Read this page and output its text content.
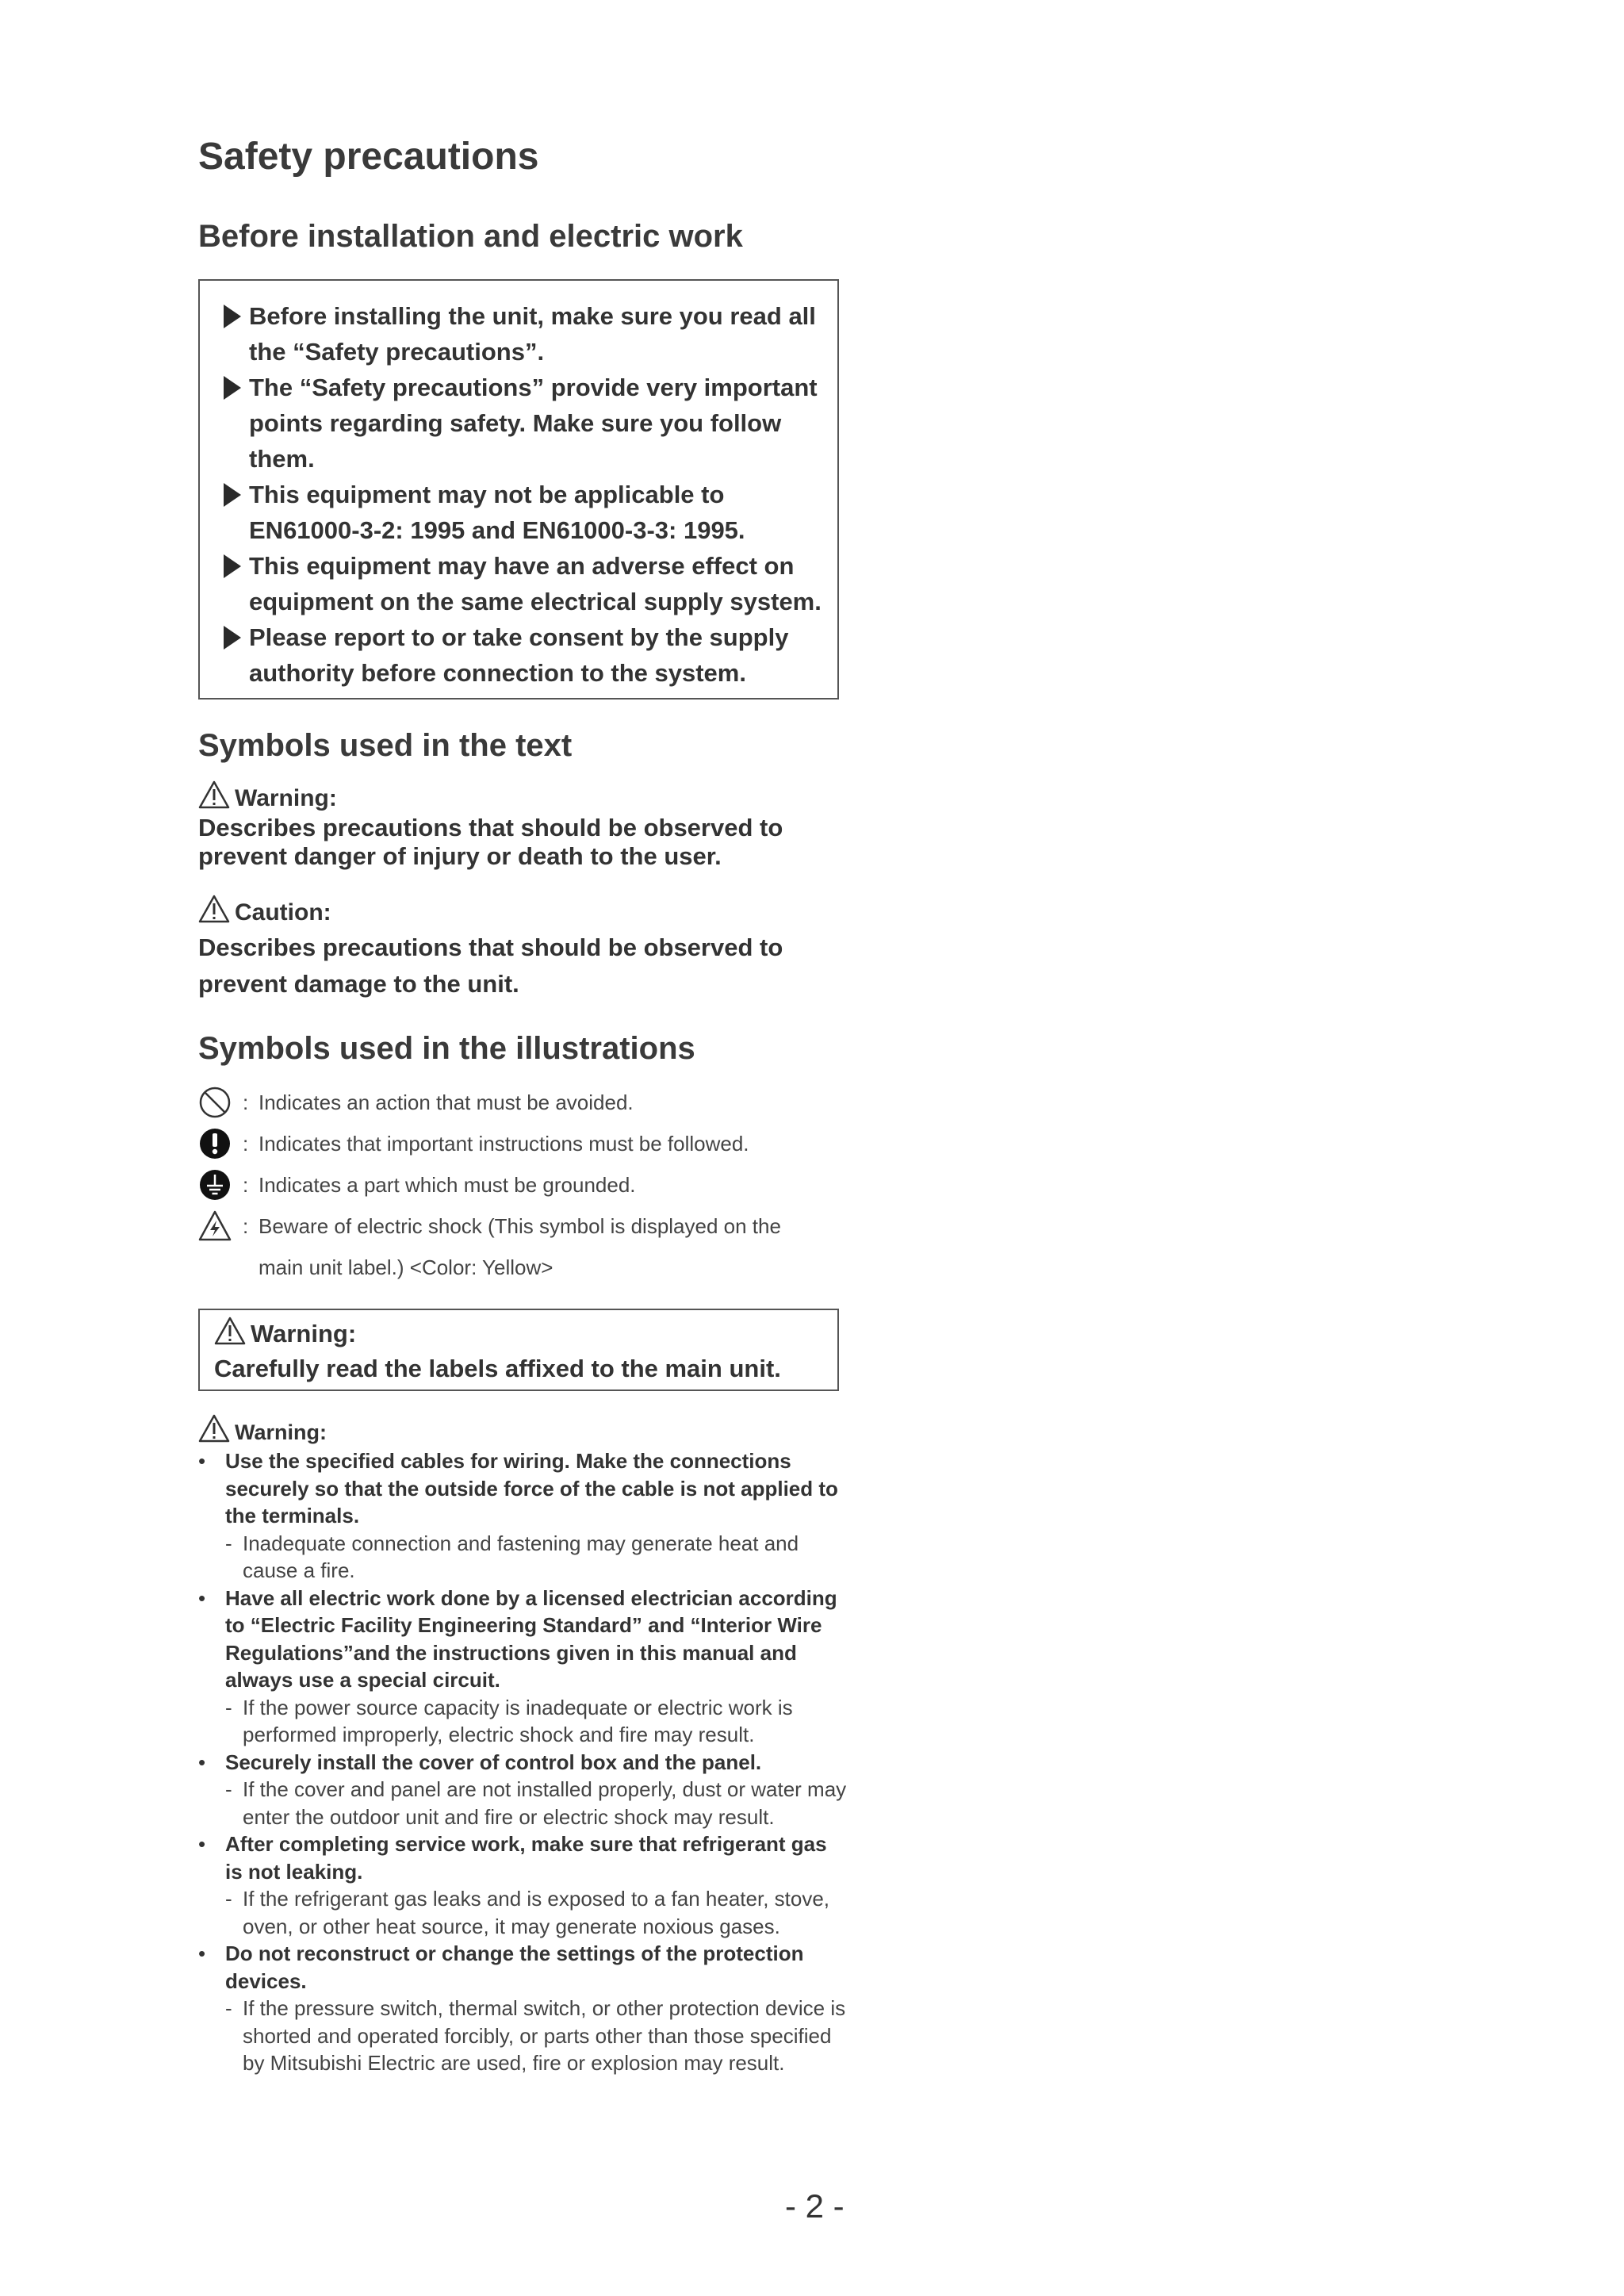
Safety precautions
Before installation and electric work
Before installing the unit, make sure you read all the “Safety precautions”.
The “Safety precautions” provide very important points regarding safety. Make sure you follow them.
This equipment may not be applicable to EN61000-3-2: 1995 and EN61000-3-3: 1995.
This equipment may have an adverse effect on equipment on the same electrical supply system.
Please report to or take consent by the supply authority before connection to the system.
Symbols used in the text
Warning:
Describes precautions that should be observed to prevent danger of injury or death to the user.
Caution:
Describes precautions that should be observed to prevent damage to the unit.
Symbols used in the illustrations
: Indicates an action that must be avoided.
: Indicates that important instructions must be followed.
: Indicates a part which must be grounded.
: Beware of electric shock (This symbol is displayed on the
main unit label.) <Color: Yellow>
Warning:
Carefully read the labels affixed to the main unit.
Warning:
• Use the specified cables for wiring. Make the connections securely so that the outside force of the cable is not applied to the terminals.
- Inadequate connection and fastening may generate heat and cause a fire.
• Have all electric work done by a licensed electrician according to “Electric Facility Engineering Standard” and “Interior Wire Regulations”and the instructions given in this manual and always use a special circuit.
- If the power source capacity is inadequate or electric work is performed improperly, electric shock and fire may result.
• Securely install the cover of control box and the panel.
- If the cover and panel are not installed properly, dust or water may enter the outdoor unit and fire or electric shock may result.
• After completing service work, make sure that refrigerant gas is not leaking.
- If the refrigerant gas leaks and is exposed to a fan heater, stove, oven, or other heat source, it may generate noxious gases.
• Do not reconstruct or change the settings of the protection devices.
- If the pressure switch, thermal switch, or other protection device is shorted and operated forcibly, or parts other than those specified by Mitsubishi Electric are used, fire or explosion may result.
- 2 -
